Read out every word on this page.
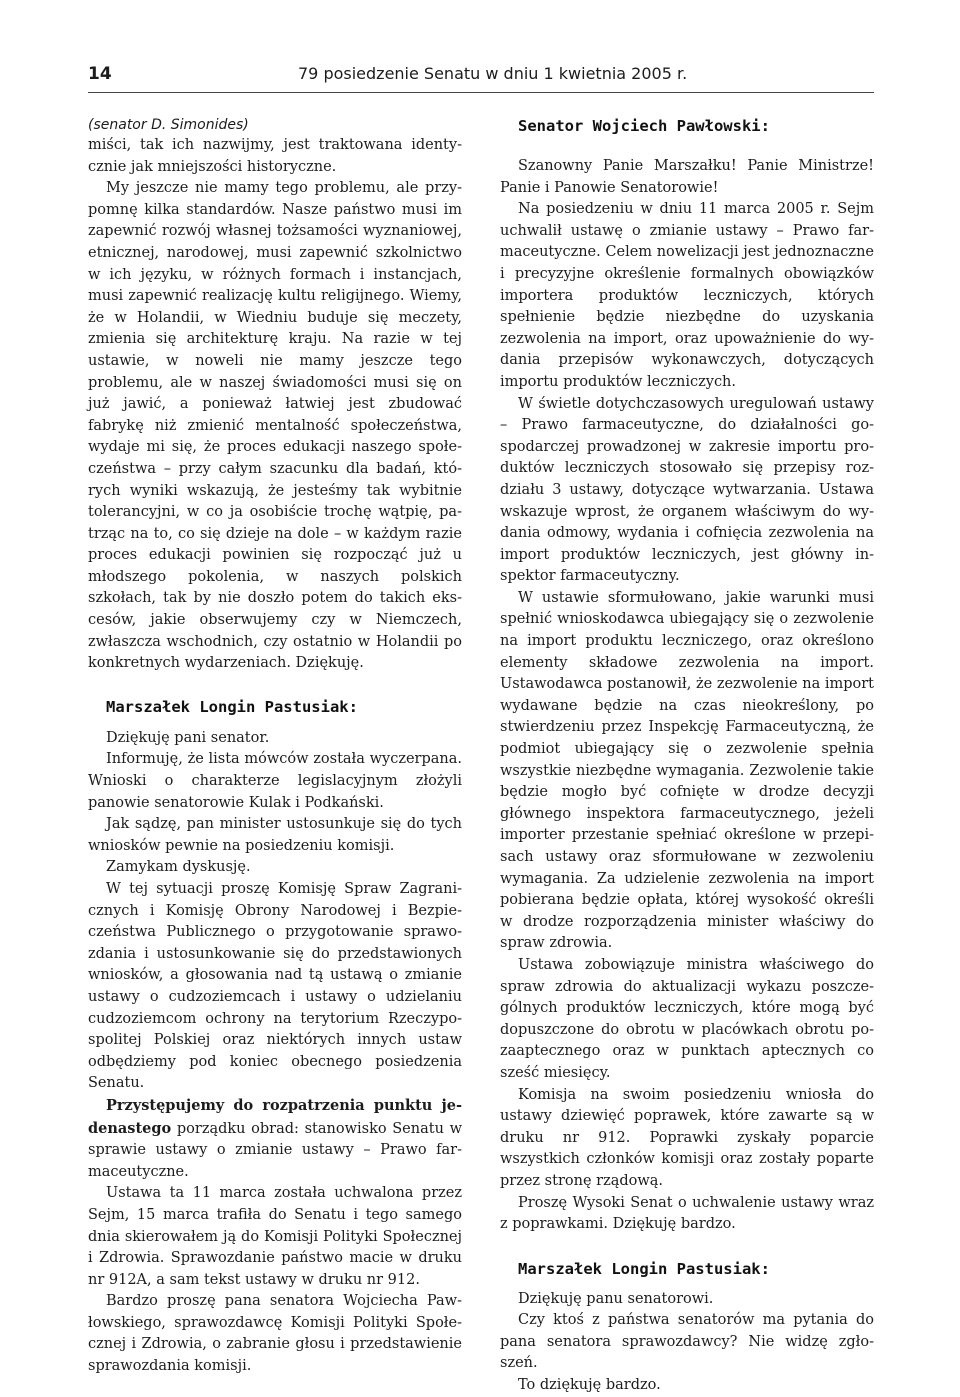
14	79 posiedzenie Senatu w dniu 1 kwietnia 2005 r.

(senator D. Simonides)

miści, tak ich nazwijmy, jest traktowana identycznie jak mniejszości historyczne.

My jeszcze nie mamy tego problemu, ale przypomnę kilka standardów. Nasze państwo musi im zapewnić rozwój własnej tożsamości wyznaniowej, etnicznej, narodowej, musi zapewnić szkolnictwo w ich języku, w różnych formach i instancjach, musi zapewnić realizację kultu religijnego. Wiemy, że w Holandii, w Wiedniu buduje się meczety, zmienia się architekturę kraju. Na razie w tej ustawie, w noweli nie mamy jeszcze tego problemu, ale w naszej świadomości musi się on już jawić, a ponieważ łatwiej jest zbudować fabrykę niż zmienić mentalność społeczeństwa, wydaje mi się, że proces edukacji naszego społeczeństwa – przy całym szacunku dla badań, których wyniki wskazują, że jesteśmy tak wybitnie tolerancyjni, w co ja osobiście trochę wątpię, patrząc na to, co się dzieje na dole – w każdym razie proces edukacji powinien się rozpocząć już u młodszego pokolenia, w naszych polskich szkołach, tak by nie doszło potem do takich ekscesów, jakie obserwujemy czy w Niemczech, zwłaszcza wschodnich, czy ostatnio w Holandii po konkretnych wydarzeniach. Dziękuję.

Marszałek Longin Pastusiak:

Dziękuję pani senator.

Informuję, że lista mówców została wyczerpana. Wnioski o charakterze legislacyjnym złożyli panowie senatorowie Kulak i Podkański.

Jak sądzę, pan minister ustosunkuje się do tych wniosków pewnie na posiedzeniu komisji.

Zamykam dyskusję.

W tej sytuacji proszę Komisję Spraw Zagranicznych i Komisję Obrony Narodowej i Bezpieczeństwa Publicznego o przygotowanie sprawozdania i ustosunkowanie się do przedstawionych wniosków, a głosowania nad tą ustawą o zmianie ustawy o cudzoziemcach i ustawy o udzielaniu cudzoziemcom ochrony na terytorium Rzeczypospolitej Polskiej oraz niektórych innych ustaw odbędziemy pod koniec obecnego posiedzenia Senatu.

Przystępujemy do rozpatrzenia punktu jedenastego porządku obrad: stanowisko Senatu w sprawie ustawy o zmianie ustawy – Prawo farmaceutyczne.

Ustawa ta 11 marca została uchwalona przez Sejm, 15 marca trafiła do Senatu i tego samego dnia skierowałem ją do Komisji Polityki Społecznej i Zdrowia. Sprawozdanie państwo macie w druku nr 912A, a sam tekst ustawy w druku nr 912.

Bardzo proszę pana senatora Wojciecha Pawłowskiego, sprawozdawcę Komisji Polityki Społecznej i Zdrowia, o zabranie głosu i przedstawienie sprawozdania komisji.

Senator Wojciech Pawłowski:

Szanowny Panie Marszałku! Panie Ministrze! Panie i Panowie Senatorowie!

Na posiedzeniu w dniu 11 marca 2005 r. Sejm uchwalił ustawę o zmianie ustawy – Prawo farmaceutyczne. Celem nowelizacji jest jednoznaczne i precyzyjne określenie formalnych obowiązków importera produktów leczniczych, których spełnienie będzie niezbędne do uzyskania zezwolenia na import, oraz upoważnienie do wydania przepisów wykonawczych, dotyczących importu produktów leczniczych.

W świetle dotychczasowych uregulowań ustawy – Prawo farmaceutyczne, do działalności gospodarczej prowadzonej w zakresie importu produktów leczniczych stosowało się przepisy rozdziału 3 ustawy, dotyczące wytwarzania. Ustawa wskazuje wprost, że organem właściwym do wydania odmowy, wydania i cofnięcia zezwolenia na import produktów leczniczych, jest główny inspektor farmaceutyczny.

W ustawie sformułowano, jakie warunki musi spełnić wnioskodawca ubiegający się o zezwolenie na import produktu leczniczego, oraz określono elementy składowe zezwolenia na import. Ustawodawca postanowił, że zezwolenie na import wydawane będzie na czas nieokreślony, po stwierdzeniu przez Inspekcję Farmaceutyczną, że podmiot ubiegający się o zezwolenie spełnia wszystkie niezbędne wymagania. Zezwolenie takie będzie mogło być cofnięte w drodze decyzji głównego inspektora farmaceutycznego, jeżeli importer przestanie spełniać określone w przepisach ustawy oraz sformułowane w zezwoleniu wymagania. Za udzielenie zezwolenia na import pobierana będzie opłata, której wysokość określi w drodze rozporządzenia minister właściwy do spraw zdrowia.

Ustawa zobowiązuje ministra właściwego do spraw zdrowia do aktualizacji wykazu poszczególnych produktów leczniczych, które mogą być dopuszczone do obrotu w placówkach obrotu pozaaptecznego oraz w punktach aptecznych co sześć miesięcy.

Komisja na swoim posiedzeniu wniosła do ustawy dziewięć poprawek, które zawarte są w druku nr 912. Poprawki zyskały poparcie wszystkich członków komisji oraz zostały poparte przez stronę rządową.

Proszę Wysoki Senat o uchwalenie ustawy wraz z poprawkami. Dziękuję bardzo.

Marszałek Longin Pastusiak:

Dziękuję panu senatorowi.

Czy ktoś z państwa senatorów ma pytania do pana senatora sprawozdawcy? Nie widzę zgłoszeń.

To dziękuję bardzo.
